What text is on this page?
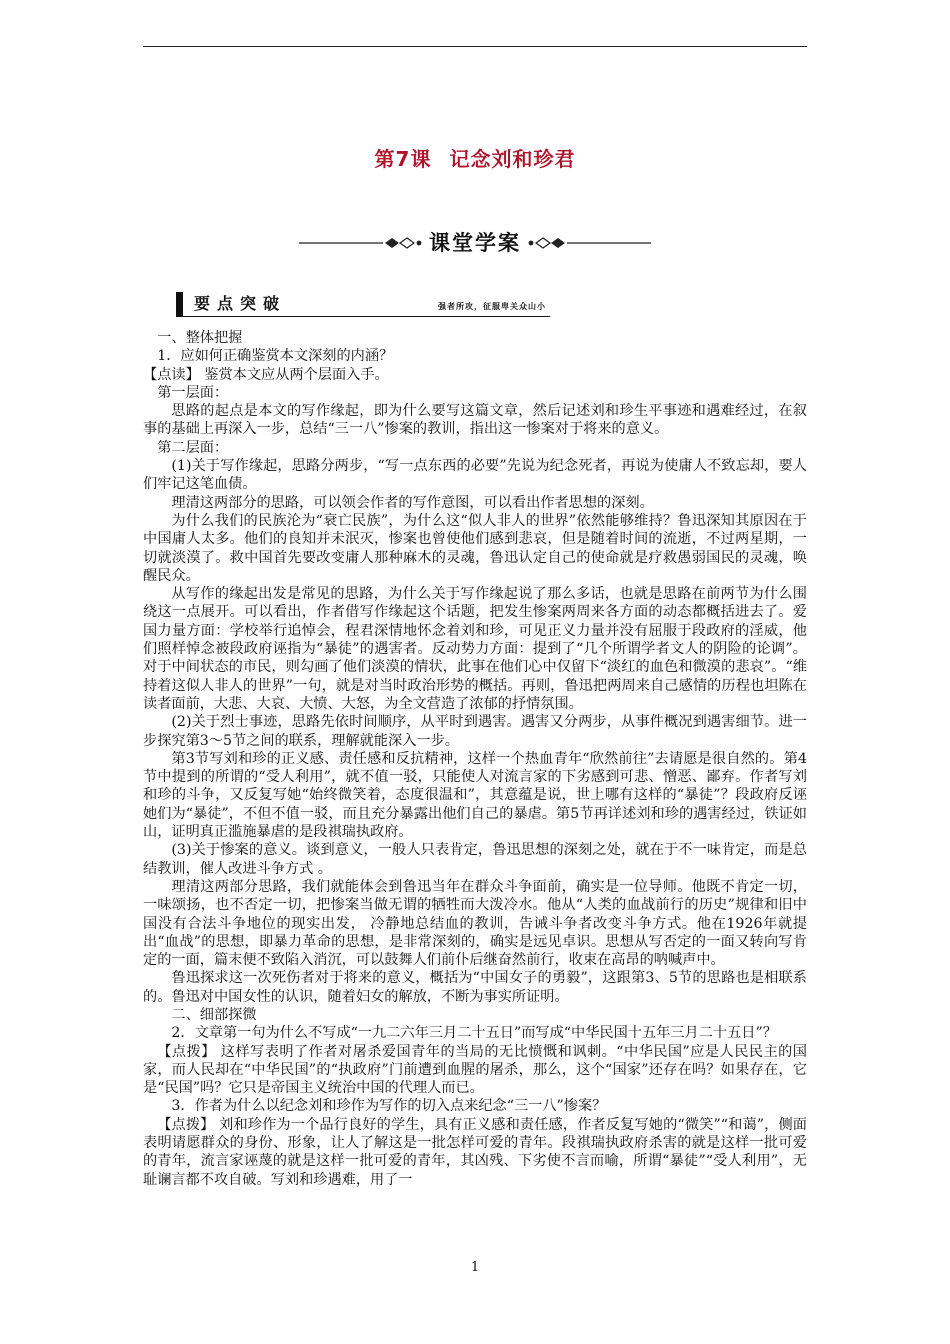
第7课 记念刘和珍君
课堂学案
要点突破	强者所攻，征服卑关众山小

一、整体把握

1．应如何正确鉴赏本文深刻的内涵？

【点读】 鉴赏本文应从两个层面入手。

第一层面：

思路的起点是本文的写作缘起，即为什么要写这篇文章，然后记述刘和珍生平事迹和遇难经过，在叙事的基础上再深入一步，总结“三一八”惨案的教训，指出这一惨案对于将来的意义。

第二层面：

(1)关于写作缘起，思路分两步，“写一点东西的必要”先说为纪念死者，再说为使庸人不致忘却，要人们牢记这笔血债。

理清这两部分的思路，可以领会作者的写作意图，可以看出作者思想的深刻。

为什么我们的民族沦为“衰亡民族”，为什么这“似人非人的世界”依然能够维持？鲁迅深知其原因在于中国庸人太多。他们的良知并未泯灭，惨案也曾使他们感到悲哀，但是随着时间的流逝，不过两星期，一切就淡漠了。救中国首先要改变庸人那种麻木的灵魂，鲁迅认定自己的使命就是疗救愚弱国民的灵魂，唤醒民众。

从写作的缘起出发是常见的思路，为什么关于写作缘起说了那么多话，也就是思路在前两节为什么围绕这一点展开。可以看出，作者借写作缘起这个话题，把发生惨案两周来各方面的动态都概括进去了。爱国力量方面：学校举行追悼会，程君深情地怀念着刘和珍，可见正义力量并没有屈服于段政府的淫威，他们照样悼念被段政府诬指为“暴徒”的遇害者。反动势力方面：提到了“几个所谓学者文人的阴险的论调”。对于中间状态的市民，则勾画了他们淡漠的情状，此事在他们心中仅留下“淡红的血色和微漠的悲哀”。“维持着这似人非人的世界”一句，就是对当时政治形势的概括。再则，鲁迅把两周来自己感情的历程也坦陈在读者面前，大悲、大哀、大愤、大怒，为全文营造了浓郁的抒情氛围。

(2)关于烈士事迹，思路先依时间顺序，从平时到遇害。遇害又分两步，从事件概况到遇害细节。进一步探究第3～5节之间的联系，理解就能深入一步。

第3节写刘和珍的正义感、责任感和反抗精神，这样一个热血青年“欣然前往”去请愿是很自然的。第4节中提到的所谓的“受人利用”，就不值一驳，只能使人对流言家的下劣感到可悲、憎恶、鄙弃。作者写刘和珍的斗争，又反复写她“始终微笑着，态度很温和”，其意蕴是说，世上哪有这样的“暴徒”？段政府反诬她们为“暴徒”，不但不值一驳，而且充分暴露出他们自己的暴虐。第5节再详述刘和珍的遇害经过，铁证如山，证明真正滥施暴虐的是段祺瑞执政府。

(3)关于惨案的意义。谈到意义，一般人只表肯定，鲁迅思想的深刻之处，就在于不一味肯定，而是总结教训，催人改进斗争方式 。

理清这两部分思路，我们就能体会到鲁迅当年在群众斗争面前，确实是一位导师。他既不肯定一切，一味颂扬，也不否定一切，把惨案当做无谓的牺牲而大泼冷水。他从“人类的血战前行的历史”规律和旧中国没有合法斗争地位的现实出发， 冷静地总结血的教训，告诫斗争者改变斗争方式。他在1926年就提出“血战”的思想，即暴力革命的思想，是非常深刻的，确实是远见卓识。思想从写否定的一面又转向写肯定的一面，篇末便不致陷入消沉，可以鼓舞人们前仆后继奋然前行，收束在高昂的呐喊声中。

鲁迅探求这一次死伤者对于将来的意义，概括为“中国女子的勇毅”，这跟第3、5节的思路也是相联系的。鲁迅对中国女性的认识，随着妇女的解放，不断为事实所证明。

二、细部探微

2．文章第一句为什么不写成“一九二六年三月二十五日”而写成“中华民国十五年三月二十五日”？

【点拨】 这样写表明了作者对屠杀爱国青年的当局的无比愤慨和讽刺。“中华民国”应是人民民主的国家，而人民却在“中华民国”的“执政府”门前遭到血腥的屠杀，那么，这个“国家”还存在吗？如果存在，它是“民国”吗？它只是帝国主义统治中国的代理人而已。

3．作者为什么以纪念刘和珍作为写作的切入点来纪念“三一八”惨案？

【点拨】 刘和珍作为一个品行良好的学生，具有正义感和责任感，作者反复写她的“微笑”“和蔼”，侧面表明请愿群众的身份、形象，让人了解这是一批怎样可爱的青年。段祺瑞执政府杀害的就是这样一批可爱的青年，流言家诬蔑的就是这样一批可爱的青年，其凶残、下劣使不言而喻，所谓“暴徒”“受人利用”，无耻谰言都不攻自破。写刘和珍遇难，用了一

1
